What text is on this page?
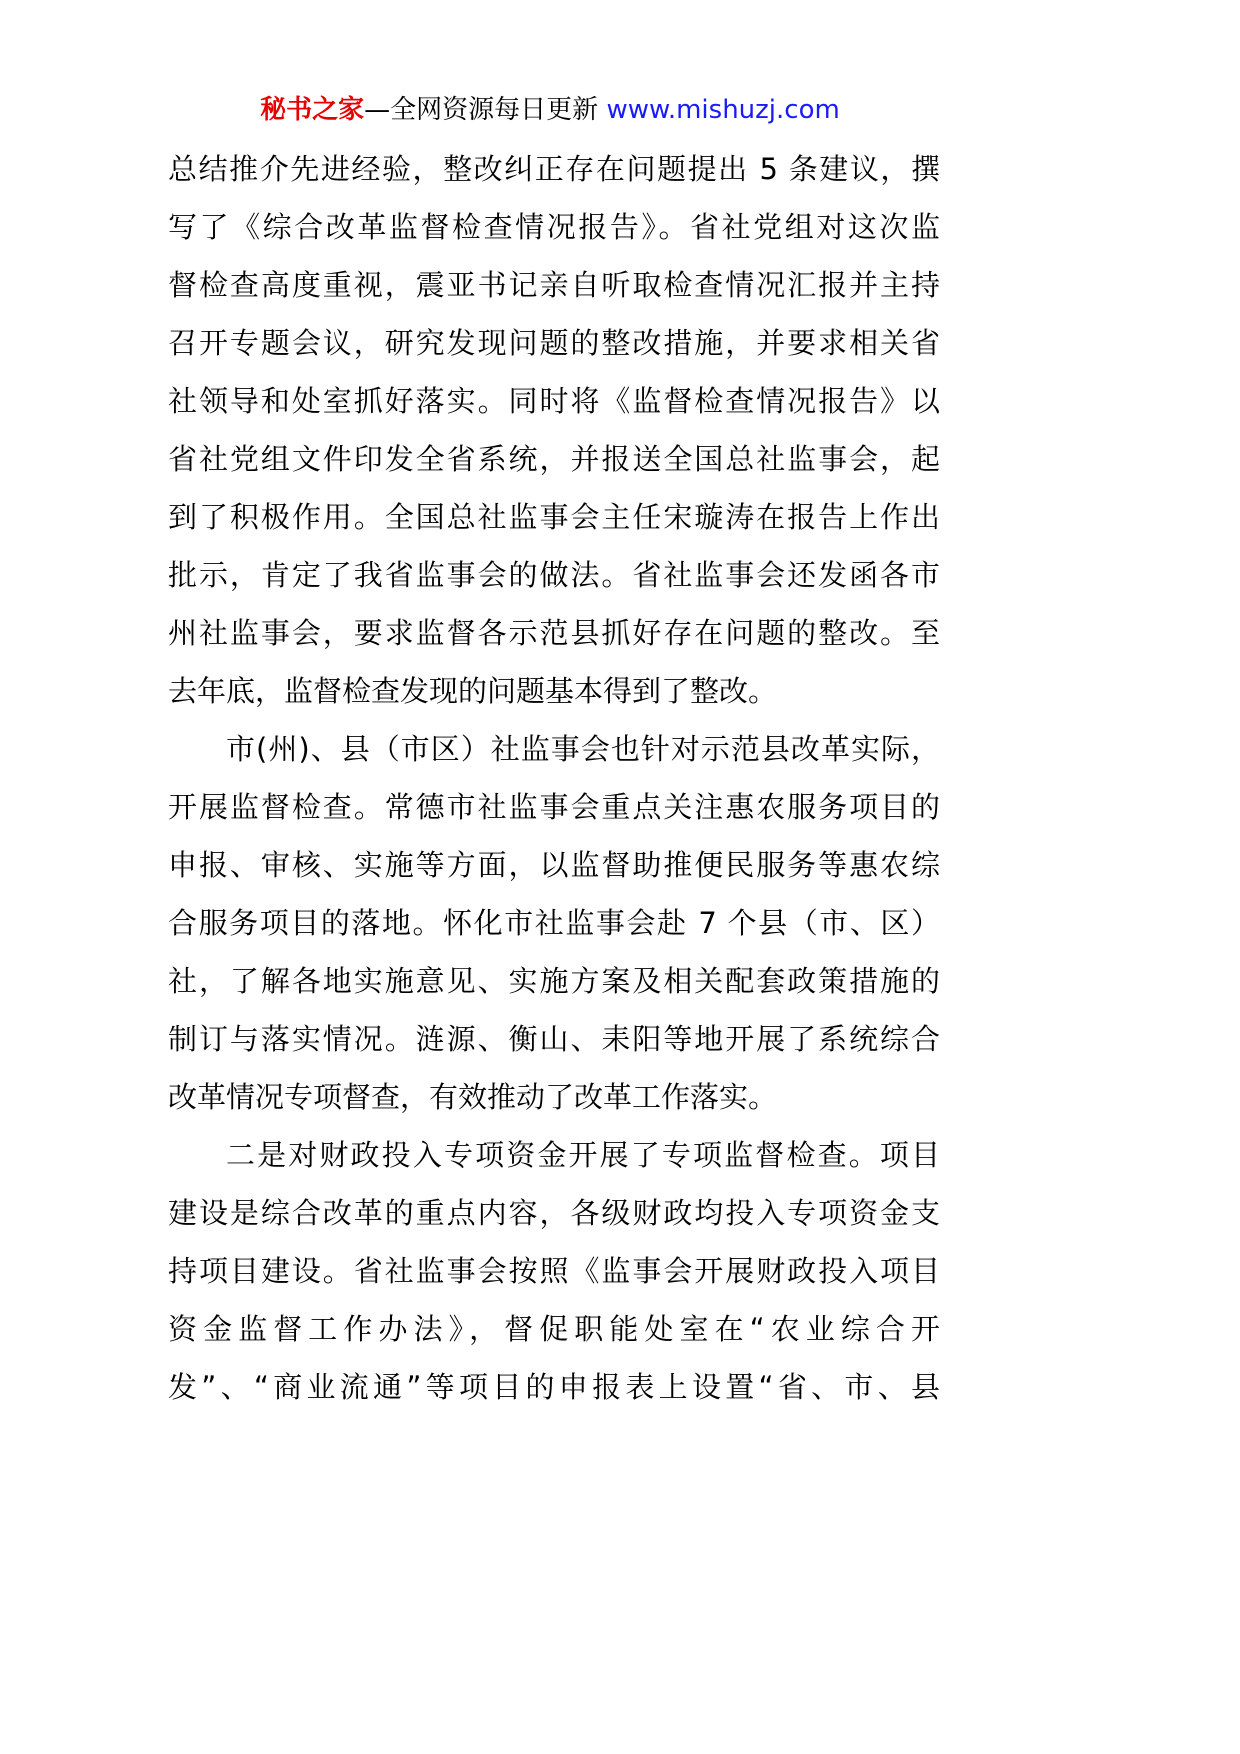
秘书之家—全网资源每日更新 www.mishuzj.com
总结推介先进经验，整改纠正存在问题提出 5 条建议，撰
写了《综合改革监督检查情况报告》。省社党组对这次监
督检查高度重视，震亚书记亲自听取检查情况汇报并主持
召开专题会议，研究发现问题的整改措施，并要求相关省
社领导和处室抓好落实。同时将《监督检查情况报告》以
省社党组文件印发全省系统，并报送全国总社监事会，起
到了积极作用。全国总社监事会主任宋璇涛在报告上作出
批示，肯定了我省监事会的做法。省社监事会还发函各市
州社监事会，要求监督各示范县抓好存在问题的整改。至
去年底，监督检查发现的问题基本得到了整改。
市(州)、县（市区）社监事会也针对示范县改革实际，
开展监督检查。常德市社监事会重点关注惠农服务项目的
申报、审核、实施等方面，以监督助推便民服务等惠农综
合服务项目的落地。怀化市社监事会赴 7 个县（市、区）
社，了解各地实施意见、实施方案及相关配套政策措施的
制订与落实情况。涟源、衡山、耒阳等地开展了系统综合
改革情况专项督查，有效推动了改革工作落实。
二是对财政投入专项资金开展了专项监督检查。项目
建设是综合改革的重点内容，各级财政均投入专项资金支
持项目建设。省社监事会按照《监事会开展财政投入项目
资金监督工作办法》，督促职能处室在“农业综合开
发”、“商业流通”等项目的申报表上设置“省、市、县
